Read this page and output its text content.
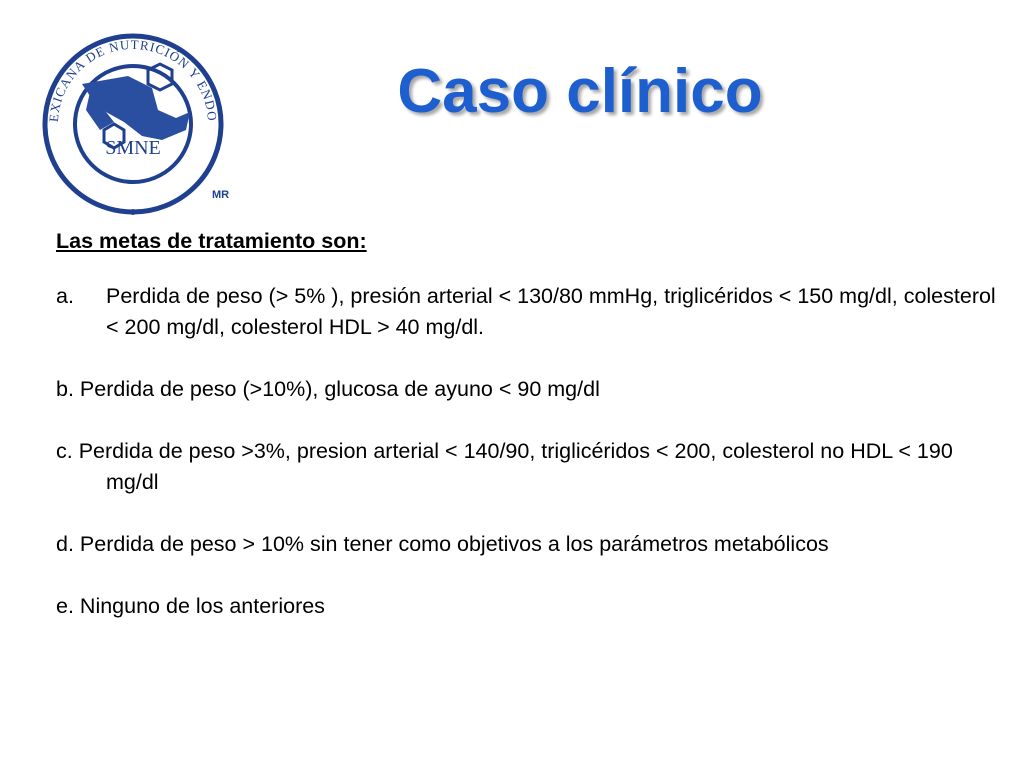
EXICANA DE NUTRICIÓN Y ENDO
SMNE
MR
Caso clínico
Las metas de tratamiento son:
a.	Perdida de peso (> 5% ), presión arterial < 130/80 mmHg, triglicéridos < 150 mg/dl, colesterol < 200 mg/dl, colesterol HDL > 40 mg/dl.
b. Perdida de peso (>10%), glucosa de ayuno < 90 mg/dl
c. Perdida de peso >3%, presion arterial < 140/90, triglicéridos < 200, colesterol no HDL < 190 mg/dl
d. Perdida de peso > 10% sin tener como objetivos a los parámetros metabólicos
e. Ninguno de los anteriores
